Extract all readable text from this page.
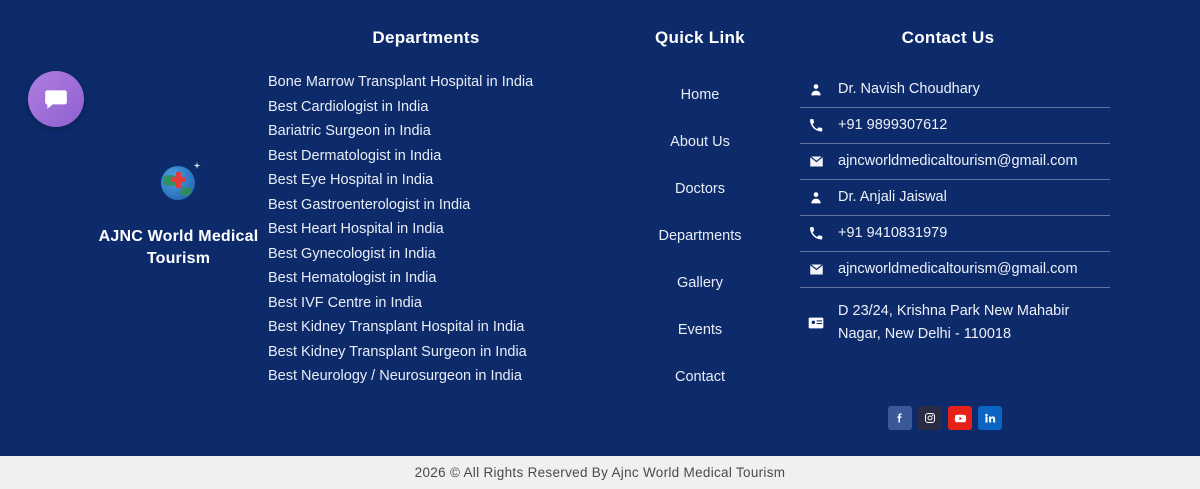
AJNC World Medical Tourism
Departments
Bone Marrow Transplant Hospital in India
Best Cardiologist in India
Bariatric Surgeon in India
Best Dermatologist in India
Best Eye Hospital in India
Best Gastroenterologist in India
Best Heart Hospital in India
Best Gynecologist in India
Best Hematologist in India
Best IVF Centre in India
Best Kidney Transplant Hospital in India
Best Kidney Transplant Surgeon in India
Best Neurology / Neurosurgeon in India
Quick Link
Home
About Us
Doctors
Departments
Gallery
Events
Contact
Contact Us
Dr. Navish Choudhary
+91 9899307612
ajncworldmedicaltourism@gmail.com
Dr. Anjali Jaiswal
+91 9410831979
ajncworldmedicaltourism@gmail.com
D 23/24, Krishna Park New Mahabir Nagar, New Delhi - 110018
2026 © All Rights Reserved By Ajnc World Medical Tourism
